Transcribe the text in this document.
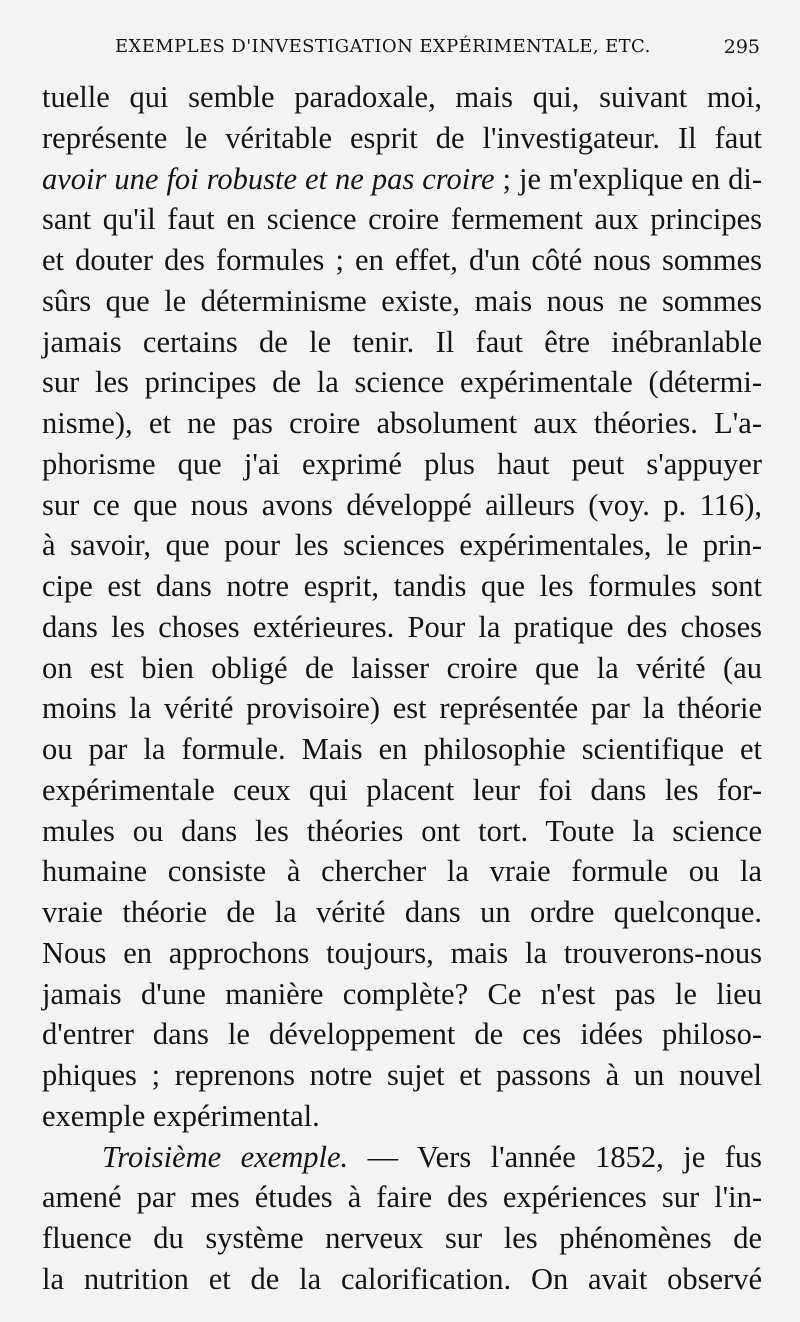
EXEMPLES D'INVESTIGATION EXPÉRIMENTALE, ETC.	295
tuelle qui semble paradoxale, mais qui, suivant moi,
représente le véritable esprit de l'investigateur. Il faut
avoir une foi robuste et ne pas croire ; je m'explique en di-
sant qu'il faut en science croire fermement aux principes
et douter des formules ; en effet, d'un côté nous sommes
sûrs que le déterminisme existe, mais nous ne sommes
jamais certains de le tenir. Il faut être inébranlable
sur les principes de la science expérimentale (détermi-
nisme), et ne pas croire absolument aux théories. L'a-
phorisme que j'ai exprimé plus haut peut s'appuyer
sur ce que nous avons développé ailleurs (voy. p. 116),
à savoir, que pour les sciences expérimentales, le prin-
cipe est dans notre esprit, tandis que les formules sont
dans les choses extérieures. Pour la pratique des choses
on est bien obligé de laisser croire que la vérité (au
moins la vérité provisoire) est représentée par la théorie
ou par la formule. Mais en philosophie scientifique et
expérimentale ceux qui placent leur foi dans les for-
mules ou dans les théories ont tort. Toute la science
humaine consiste à chercher la vraie formule ou la
vraie théorie de la vérité dans un ordre quelconque.
Nous en approchons toujours, mais la trouverons-nous
jamais d'une manière complète? Ce n'est pas le lieu
d'entrer dans le développement de ces idées philoso-
phiques ; reprenons notre sujet et passons à un nouvel
exemple expérimental.
Troisième exemple. — Vers l'année 1852, je fus
amené par mes études à faire des expériences sur l'in-
fluence du système nerveux sur les phénomènes de
la nutrition et de la calorification. On avait observé
